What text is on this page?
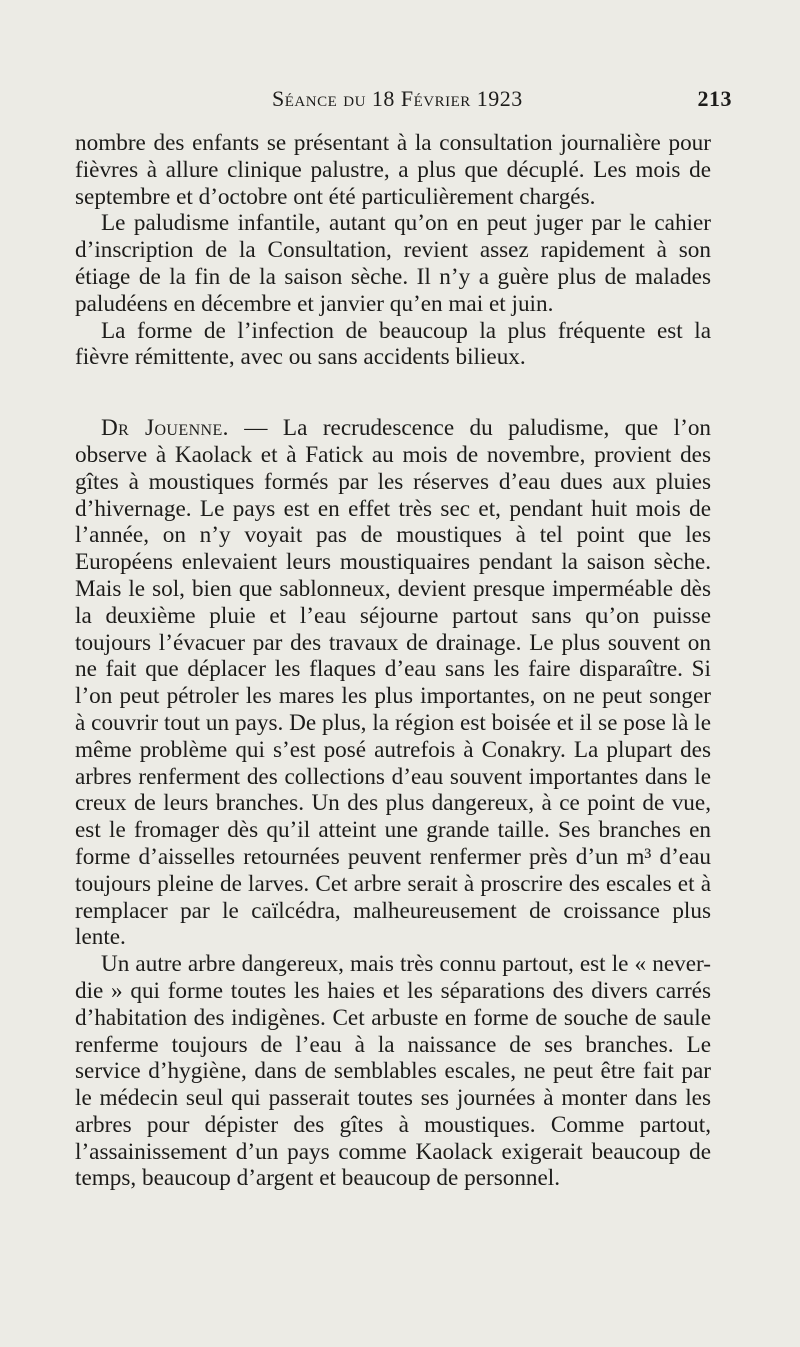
Séance du 18 Février 1923	213

nombre des enfants se présentant à la consultation journalière pour fièvres à allure clinique palustre, a plus que décuplé. Les mois de septembre et d’octobre ont été particulièrement chargés.

Le paludisme infantile, autant qu’on en peut juger par le cahier d’inscription de la Consultation, revient assez rapidement à son étiage de la fin de la saison sèche. Il n’y a guère plus de malades paludéens en décembre et janvier qu’en mai et juin.

La forme de l’infection de beaucoup la plus fréquente est la fièvre rémittente, avec ou sans accidents bilieux.

Dr Jouenne. — La recrudescence du paludisme, que l’on observe à Kaolack et à Fatick au mois de novembre, provient des gîtes à moustiques formés par les réserves d’eau dues aux pluies d’hivernage. Le pays est en effet très sec et, pendant huit mois de l’année, on n’y voyait pas de moustiques à tel point que les Européens enlevaient leurs moustiquaires pendant la saison sèche. Mais le sol, bien que sablonneux, devient presque imperméable dès la deuxième pluie et l’eau séjourne partout sans qu’on puisse toujours l’évacuer par des travaux de drainage. Le plus souvent on ne fait que déplacer les flaques d’eau sans les faire disparaître. Si l’on peut pétroler les mares les plus importantes, on ne peut songer à couvrir tout un pays. De plus, la région est boisée et il se pose là le même problème qui s’est posé autrefois à Conakry. La plupart des arbres renferment des collections d’eau souvent importantes dans le creux de leurs branches. Un des plus dangereux, à ce point de vue, est le fromager dès qu’il atteint une grande taille. Ses branches en forme d’aisselles retournées peuvent renfermer près d’un m³ d’eau toujours pleine de larves. Cet arbre serait à proscrire des escales et à remplacer par le caïlcédra, malheureusement de croissance plus lente.

Un autre arbre dangereux, mais très connu partout, est le « never-die » qui forme toutes les haies et les séparations des divers carrés d’habitation des indigènes. Cet arbuste en forme de souche de saule renferme toujours de l’eau à la naissance de ses branches. Le service d’hygiène, dans de semblables escales, ne peut être fait par le médecin seul qui passerait toutes ses journées à monter dans les arbres pour dépister des gîtes à moustiques. Comme partout, l’assainissement d’un pays comme Kaolack exigerait beaucoup de temps, beaucoup d’argent et beaucoup de personnel.
